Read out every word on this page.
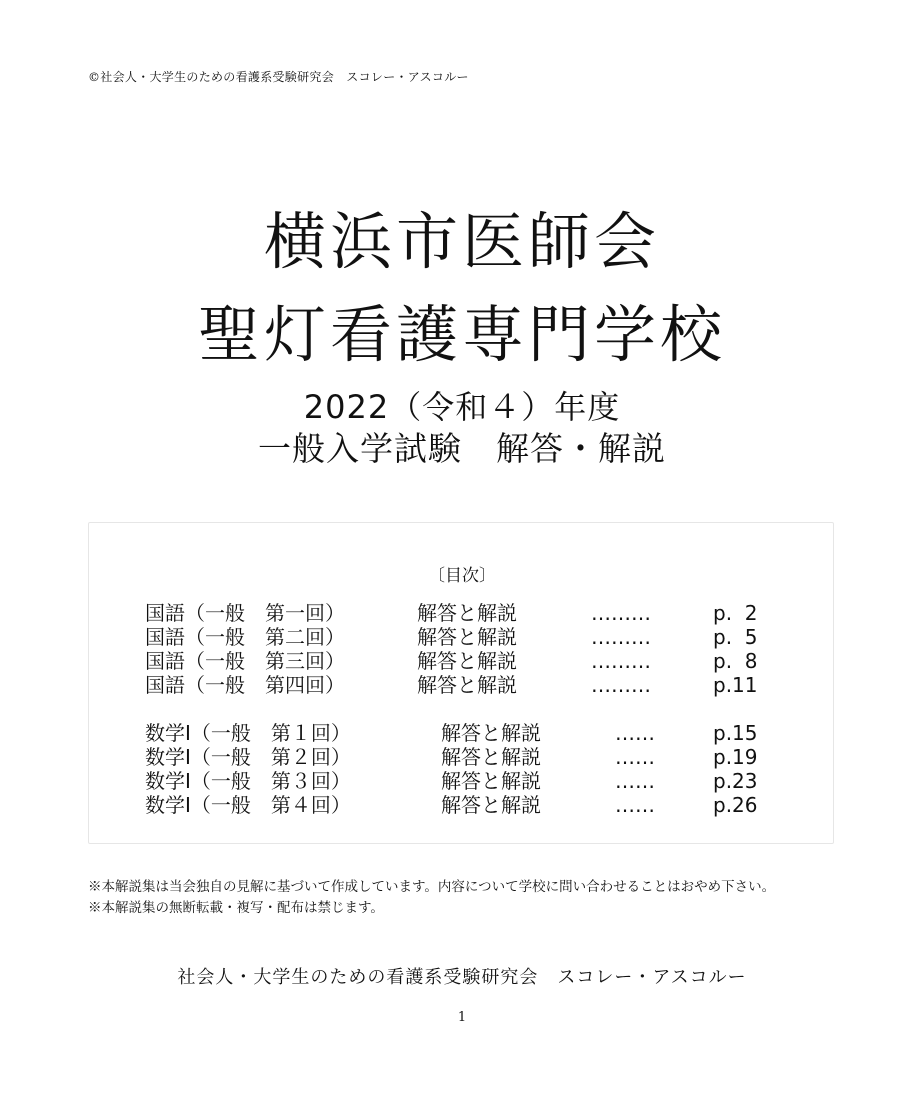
©社会人・大学生のための看護系受験研究会　スコレー・アスコルー
横浜市医師会
聖灯看護専門学校
2022（令和４）年度
一般入学試験　解答・解説
〔目次〕
国語（一般　第一回）	解答と解説	………	p.  2
国語（一般　第二回）	解答と解説	………	p.  5
国語（一般　第三回）	解答と解説	………	p.  8
国語（一般　第四回）	解答と解説	………	p.11
数学Ⅰ（一般　第１回）	解答と解説	……	p.15
数学Ⅰ（一般　第２回）	解答と解説	……	p.19
数学Ⅰ（一般　第３回）	解答と解説	……	p.23
数学Ⅰ（一般　第４回）	解答と解説	……	p.26
※本解説集は当会独自の見解に基づいて作成しています。内容について学校に問い合わせることはおやめ下さい。
※本解説集の無断転載・複写・配布は禁じます。
社会人・大学生のための看護系受験研究会　スコレー・アスコルー
1
